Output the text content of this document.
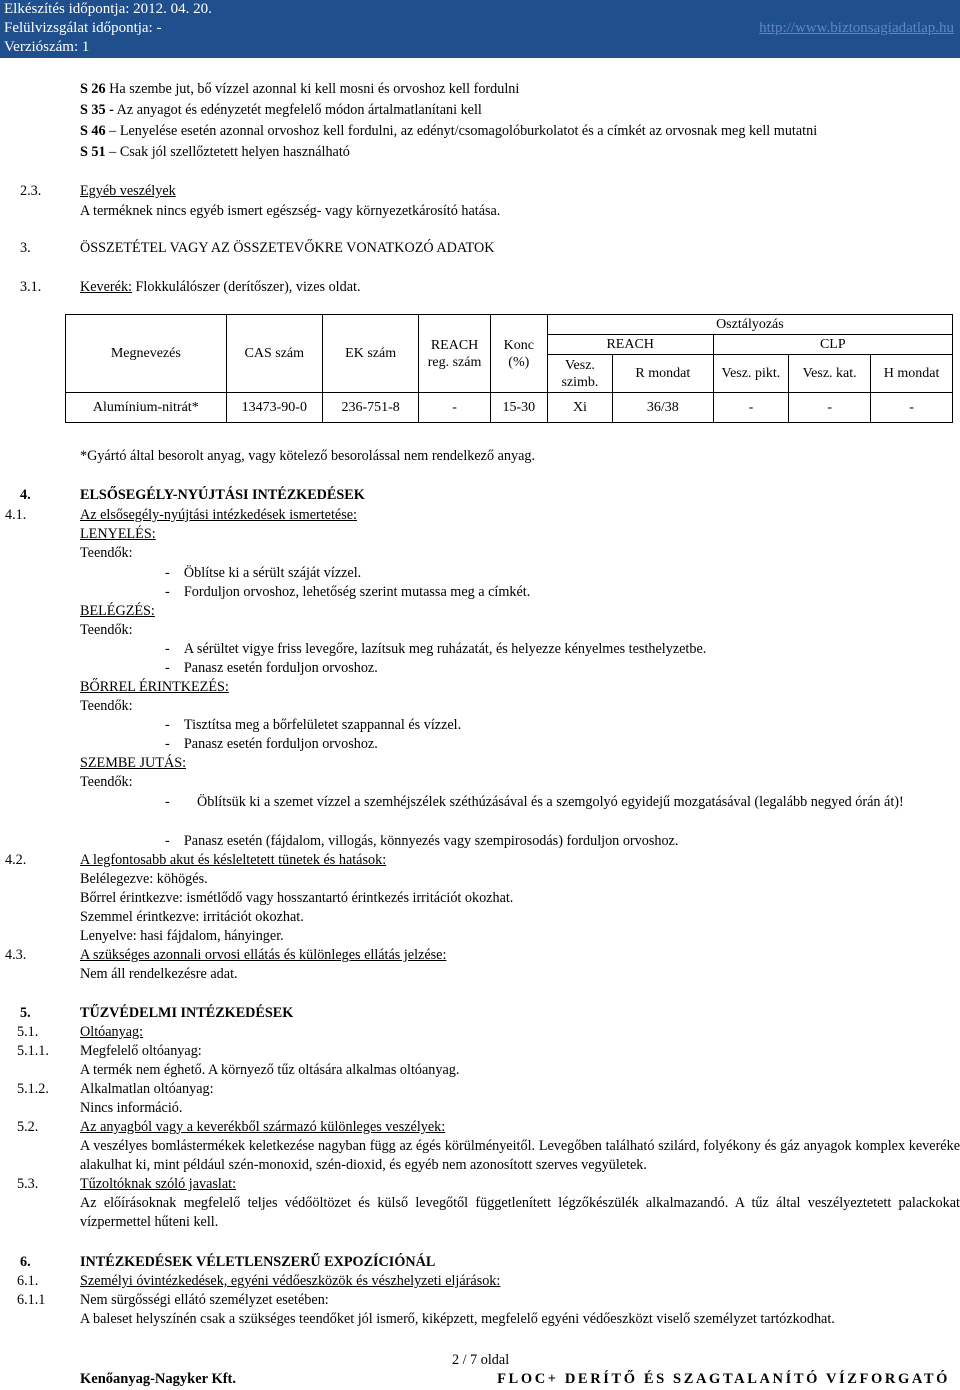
Elkészítés időpontja: 2012. 04. 20.
Felülvizsgálat időpontja: -
Verziószám: 1
http://www.biztonsagiadatlap.hu
S 26 Ha szembe jut, bő vízzel azonnal ki kell mosni és orvoshoz kell fordulni
S 35 - Az anyagot és edényzetét megfelelő módon ártalmatlanítani kell
S 46 – Lenyelése esetén azonnal orvoshoz kell fordulni, az edényt/csomagolóburkolatot és a címkét az orvosnak meg kell mutatni
S 51 – Csak jól szellőztetett helyen használható
2.3.	Egyéb veszélyek
A terméknek nincs egyéb ismert egészség- vagy környezetkárosító hatása.
3.	ÖSSZETÉTEL VAGY AZ ÖSSZETEVŐKRE VONATKOZÓ ADATOK
3.1.	Keverék: Flokkulálószer (derítőszer), vizes oldat.
Megnevezés	CAS szám	EK szám	REACH reg. szám	Konc (%)	Osztályozás				
					REACH		CLP		
					Vesz. szimb.	R mondat	Vesz. pikt.	Vesz. kat.	H mondat
Alumínium-nitrát*	13473-90-0	236-751-8	-	15-30	Xi	36/38	-	-	-
*Gyártó által besorolt anyag, vagy kötelező besorolással nem rendelkező anyag.
4.	ELSŐSEGÉLY-NYÚJTÁSI INTÉZKEDÉSEK
4.1.	Az elsősegély-nyújtási intézkedések ismertetése:
LENYELÉS:
Teendők:
-    Öblítse ki a sérült száját vízzel.
-    Forduljon orvoshoz, lehetőség szerint mutassa meg a címkét.
BELÉGZÉS:
Teendők:
-    A sérültet vigye friss levegőre, lazítsuk meg ruházatát, és helyezze kényelmes testhelyzetbe.
-    Panasz esetén forduljon orvoshoz.
BŐRREL ÉRINTKEZÉS:
Teendők:
-    Tisztítsa meg a bőrfelületet szappannal és vízzel.
-    Panasz esetén forduljon orvoshoz.
SZEMBE JUTÁS:
Teendők:
- Öblítsük ki a szemet vízzel a szemhéjszélek széthúzásával és a szemgolyó egyidejű mozgatásával (legalább negyed órán át)!
-    Panasz esetén (fájdalom, villogás, könnyezés vagy szempirosodás) forduljon orvoshoz.
4.2.	A legfontosabb akut és késleltetett tünetek és hatások:
Belélegezve: köhögés.
Bőrrel érintkezve: ismétlődő vagy hosszantartó érintkezés irritációt okozhat.
Szemmel érintkezve: irritációt okozhat.
Lenyelve: hasi fájdalom, hányinger.
4.3.	A szükséges azonnali orvosi ellátás és különleges ellátás jelzése:
Nem áll rendelkezésre adat.
5.	TŰZVÉDELMI INTÉZKEDÉSEK
5.1.	Oltóanyag:
5.1.1. Megfelelő oltóanyag:
A termék nem éghető. A környező tűz oltására alkalmas oltóanyag.
5.1.2. Alkalmatlan oltóanyag:
Nincs információ.
5.2.	Az anyagból vagy a keverékből származó különleges veszélyek:
A veszélyes bomlástermékek keletkezése nagyban függ az égés körülményeitől. Levegőben található szilárd, folyékony és gáz anyagok komplex keveréke alakulhat ki, mint például szén-monoxid, szén-dioxid, és egyéb nem azonosított szerves vegyületek.
5.3.	Tűzoltóknak szóló javaslat:
Az előírásoknak megfelelő teljes védőöltözet és külső levegőtől függetlenített légzőkészülék alkalmazandó. A tűz által veszélyeztetett palackokat vízpermettel hűteni kell.
6.	INTÉZKEDÉSEK VÉLETLENSZERŰ EXPOZÍCIÓNÁL
6.1.	Személyi óvintézkedések, egyéni védőeszközök és vészhelyzeti eljárások:
6.1.1 Nem sürgősségi ellátó személyzet esetében:
A baleset helyszínén csak a szükséges teendőket jól ismerő, kiképzett, megfelelő egyéni védőeszközt viselő személyzet tartózkodhat.
2 / 7 oldal
Kenőanyag-Nagyker Kft.	FLOC+ DERÍTŐ ÉS SZAGTALANÍTÓ VÍZFORGATÓ
